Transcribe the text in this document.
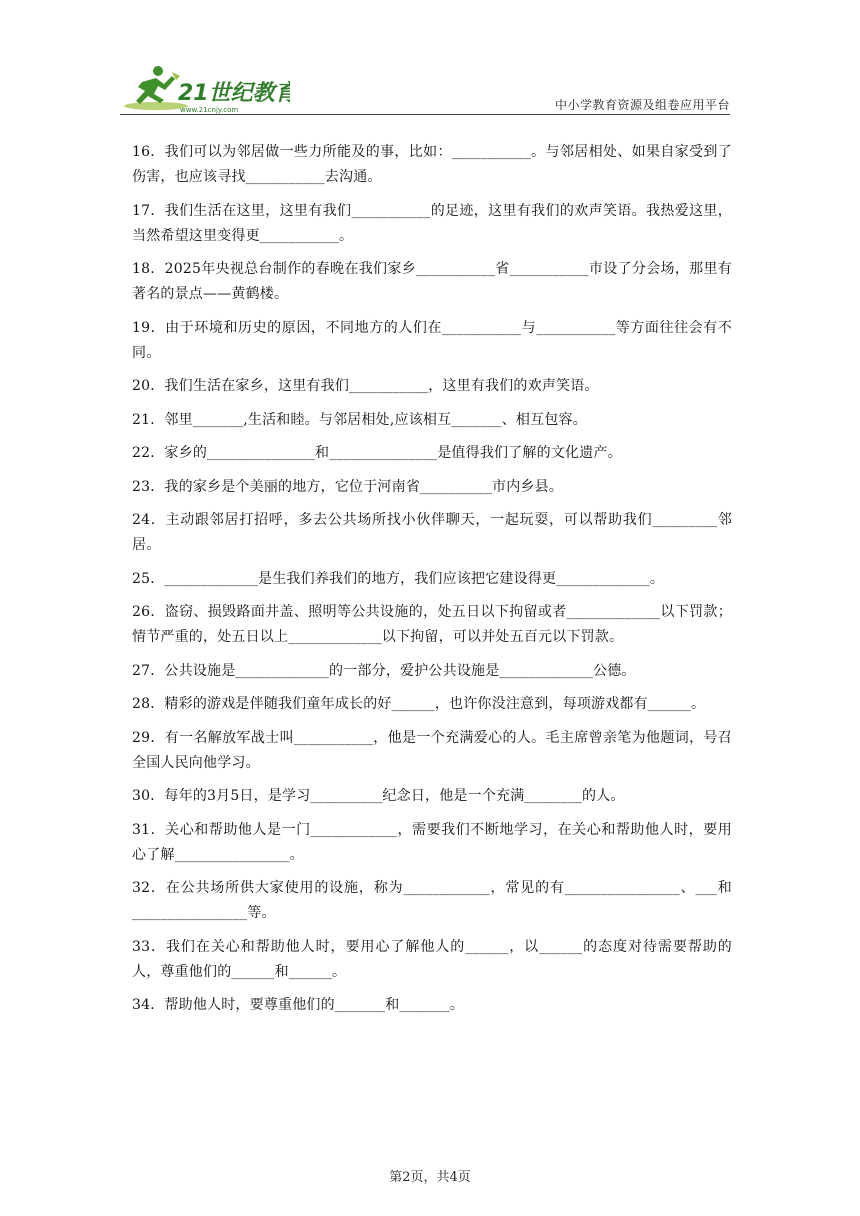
21世纪教育
www.21cnjy.com	中小学教育资源及组卷应用平台

16．我们可以为邻居做一些力所能及的事，比如：___________。与邻居相处、如果自家受到了伤害，也应该寻找___________去沟通。

17．我们生活在这里，这里有我们___________的足迹，这里有我们的欢声笑语。我热爱这里，当然希望这里变得更___________。

18．2025年央视总台制作的春晚在我们家乡___________省___________市设了分会场，那里有著名的景点——黄鹤楼。

19．由于环境和历史的原因，不同地方的人们在___________与___________等方面往往会有不同。

20．我们生活在家乡，这里有我们___________，这里有我们的欢声笑语。

21．邻里_______,生活和睦。与邻居相处,应该相互_______、相互包容。

22．家乡的_______________和_______________是值得我们了解的文化遗产。

23．我的家乡是个美丽的地方，它位于河南省__________市内乡县。

24．主动跟邻居打招呼，多去公共场所找小伙伴聊天，一起玩耍，可以帮助我们_________邻居。

25．_____________是生我们养我们的地方，我们应该把它建设得更_____________。

26．盗窃、损毁路面井盖、照明等公共设施的，处五日以下拘留或者_____________以下罚款；情节严重的，处五日以上_____________以下拘留，可以并处五百元以下罚款。

27．公共设施是_____________的一部分，爱护公共设施是_____________公德。

28．精彩的游戏是伴随我们童年成长的好______，也许你没注意到，每项游戏都有______。

29．有一名解放军战士叫___________，他是一个充满爱心的人。毛主席曾亲笔为他题词，号召全国人民向他学习。

30．每年的3月5日，是学习__________纪念日，他是一个充满________的人。

31．关心和帮助他人是一门____________，需要我们不断地学习，在关心和帮助他人时，要用心了解________________。

32．在公共场所供大家使用的设施，称为____________，常见的有________________、___和________________等。

33．我们在关心和帮助他人时，要用心了解他人的______，以______的态度对待需要帮助的人，尊重他们的______和______。

34．帮助他人时，要尊重他们的_______和_______。

第2页，共4页
